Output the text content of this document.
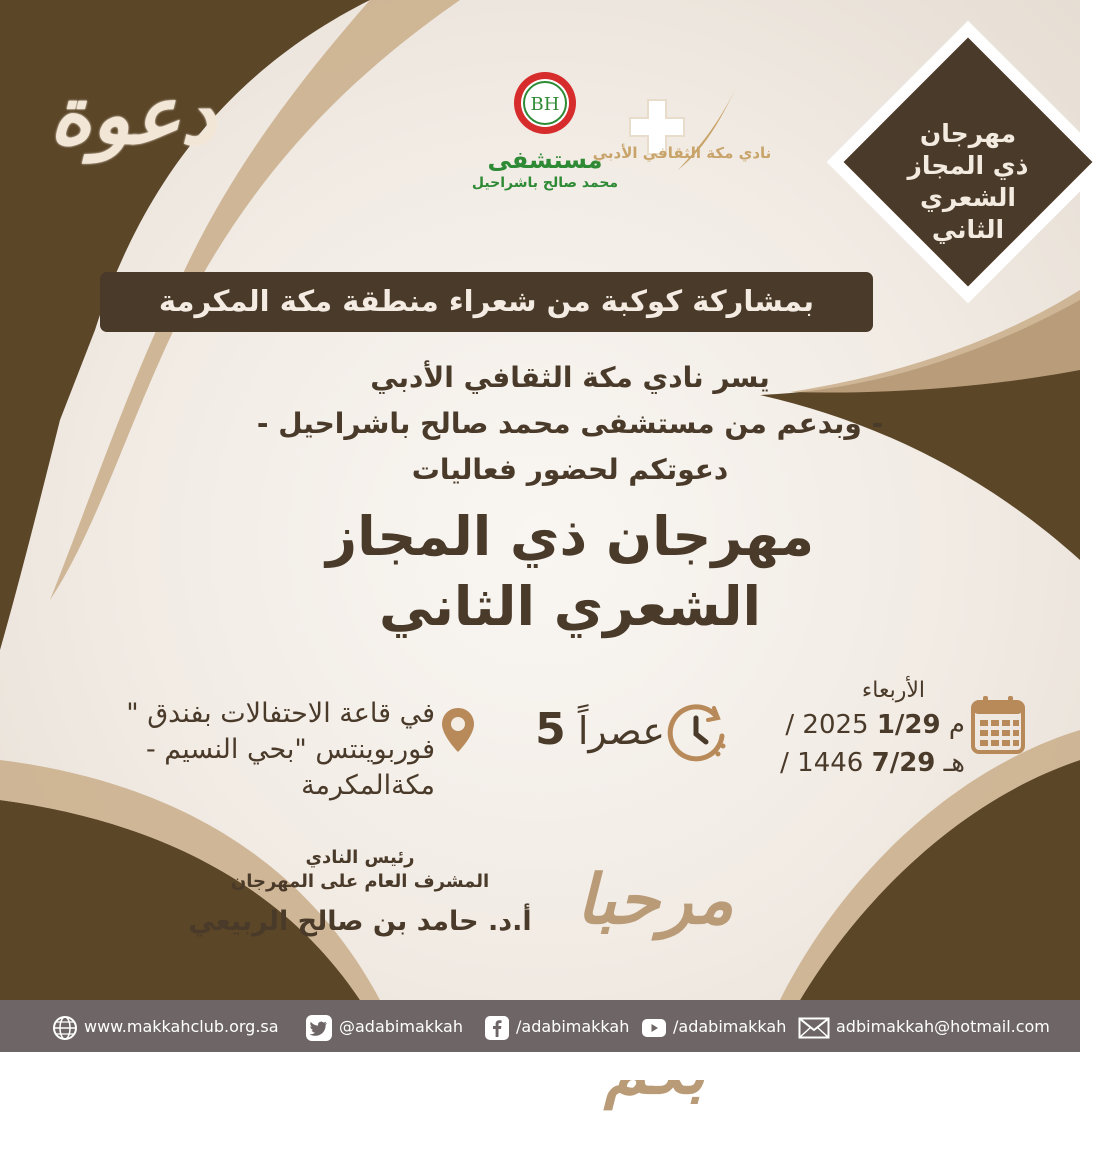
دعوة	BH
مستشفى
محمد صالح باشراحيل
نادي مكة الثقافي الأدبي
مهرجان
ذي المجاز
الشعري
الثاني
بمشاركة كوكبة من شعراء منطقة مكة المكرمة
يسر نادي مكة الثقافي الأدبي
- وبدعم من مستشفى محمد صالح باشراحيل -
دعوتكم لحضور فعاليات
مهرجان ذي المجاز
الشعري الثاني
الأربعاء
/ 2025 م 1/29
/ 1446 هـ 7/29
عصراً 5
في قاعة الاحتفالات بفندق "
فوربوينتس "بحي النسيم -
مكةالمكرمة
مرحبا
رئيس النادي
المشرف العام على المهرجان
أ.د. حامد بن صالح الربيعي
www.makkahclub.org.sa	@adabimakkah	/adabimakkah	/adabimakkah	adbimakkah@hotmail.com
